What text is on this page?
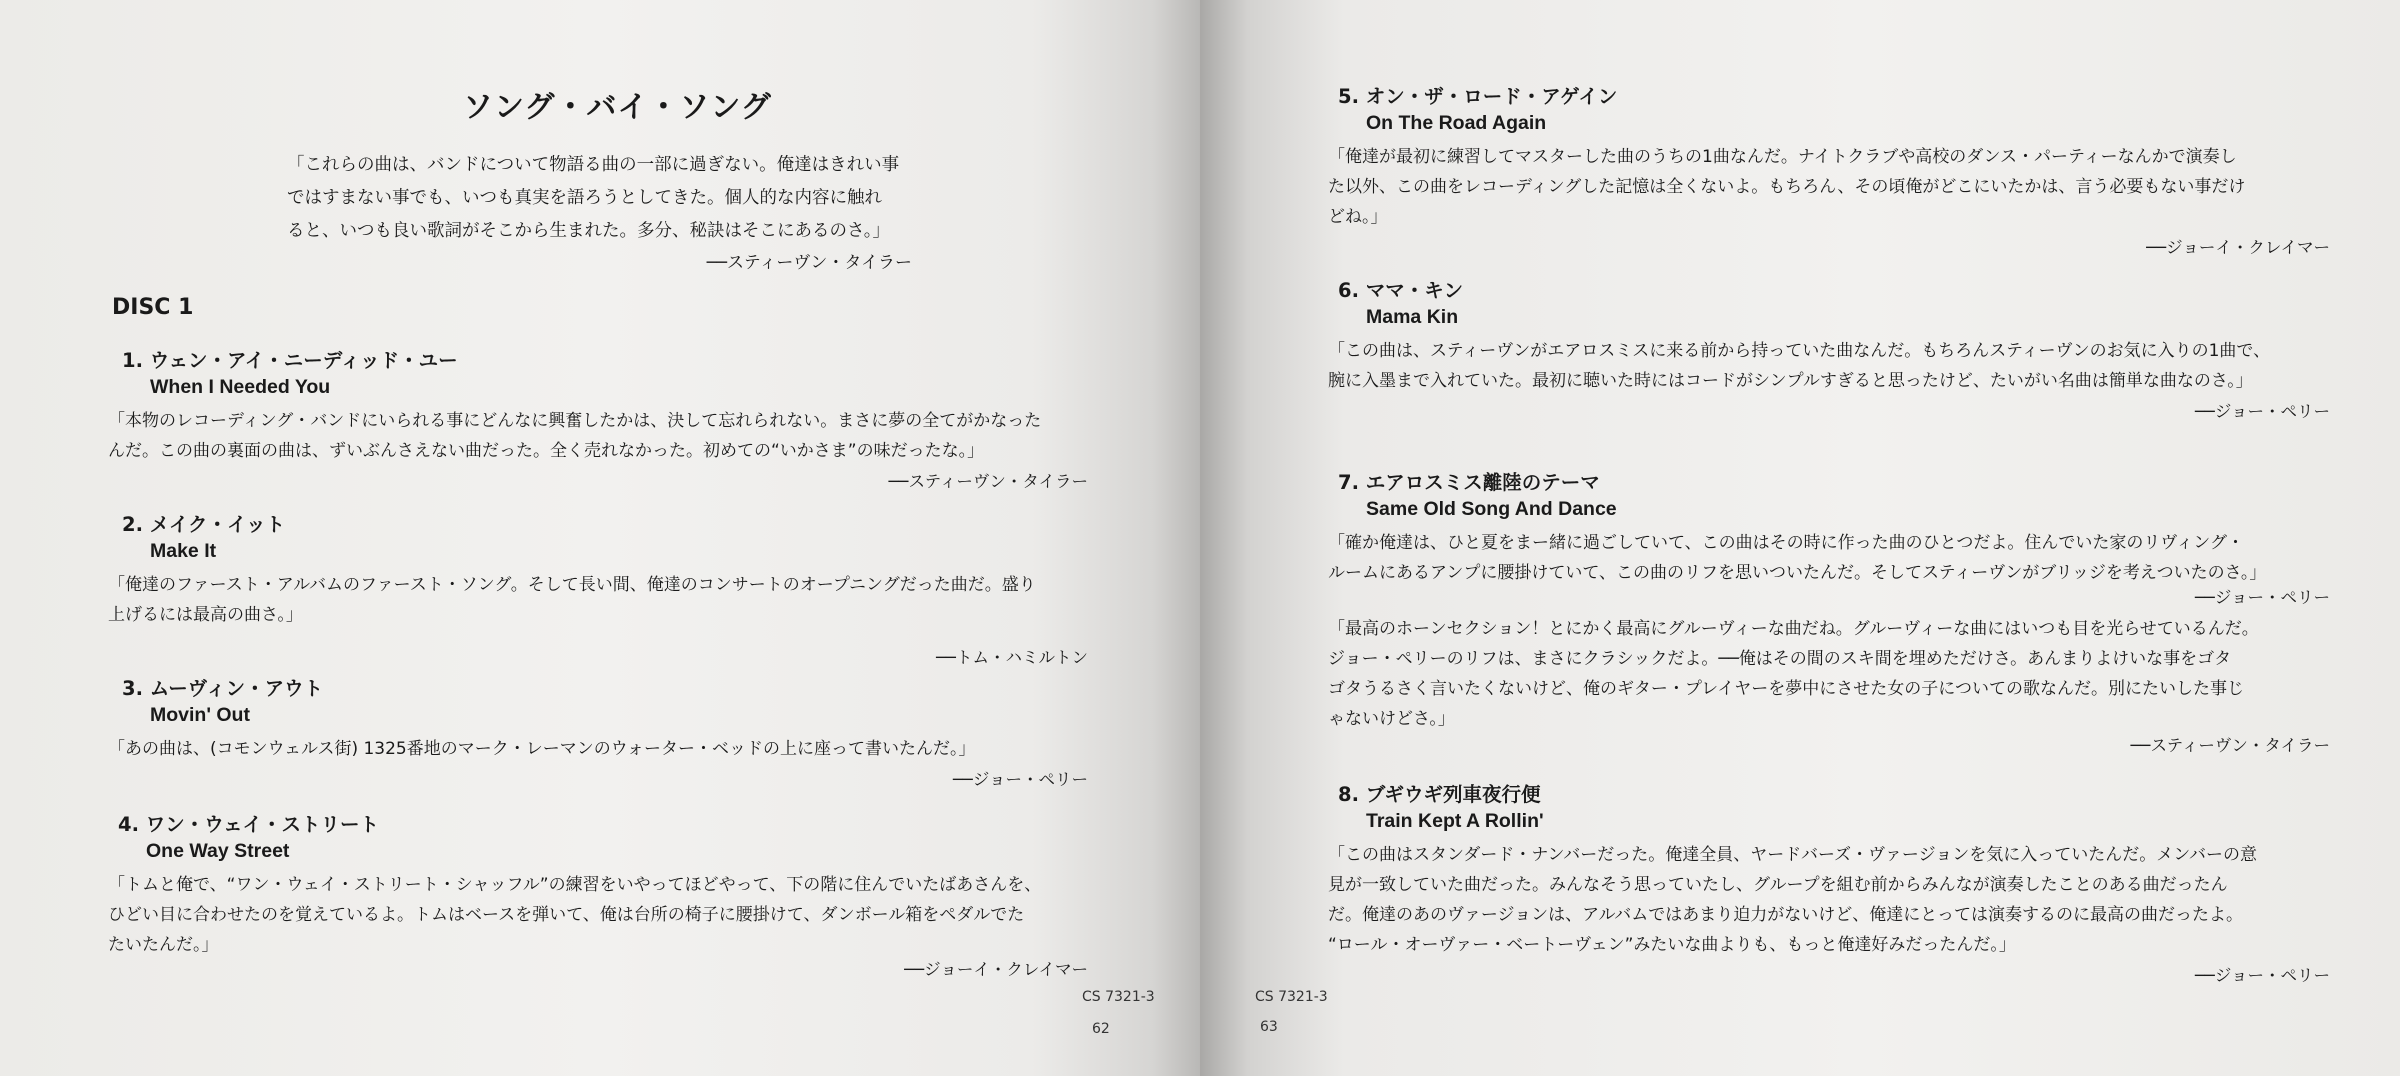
ソング・バイ・ソング

「これらの曲は、バンドについて物語る曲の一部に過ぎない。俺達はきれい事

ではすまない事でも、いつも真実を語ろうとしてきた。個人的な内容に触れ

ると、いつも良い歌詞がそこから生まれた。多分、秘訣はそこにあるのさ。」

──スティーヴン・タイラー

DISC 1
1. ウェン・アイ・ニーディッド・ユー
When I Needed You

「本物のレコーディング・バンドにいられる事にどんなに興奮したかは、決して忘れられない。まさに夢の全てがかなった
んだ。この曲の裏面の曲は、ずいぶんさえない曲だった。全く売れなかった。初めての“いかさま”の味だったな。」

──スティーヴン・タイラー

2. メイク・イット
Make It

「俺達のファースト・アルバムのファースト・ソング。そして長い間、俺達のコンサートのオープニングだった曲だ。盛り
上げるには最高の曲さ。」

──トム・ハミルトン

3. ムーヴィン・アウト
Movin' Out

「あの曲は、(コモンウェルス街) 1325番地のマーク・レーマンのウォーター・ベッドの上に座って書いたんだ。」

──ジョー・ペリー

4. ワン・ウェイ・ストリート
One Way Street

「トムと俺で、“ワン・ウェイ・ストリート・シャッフル”の練習をいやってほどやって、下の階に住んでいたばあさんを、
ひどい目に合わせたのを覚えているよ。トムはベースを弾いて、俺は台所の椅子に腰掛けて、ダンボール箱をペダルでた
たいたんだ。」

──ジョーイ・クレイマー

CS 7321-3
62
CS 7321-3
63
5. オン・ザ・ロード・アゲイン
On The Road Again

「俺達が最初に練習してマスターした曲のうちの1曲なんだ。ナイトクラブや高校のダンス・パーティーなんかで演奏し
た以外、この曲をレコーディングした記憶は全くないよ。もちろん、その頃俺がどこにいたかは、言う必要もない事だけ
どね。」

──ジョーイ・クレイマー

6. ママ・キン
Mama Kin

「この曲は、スティーヴンがエアロスミスに来る前から持っていた曲なんだ。もちろんスティーヴンのお気に入りの1曲で、
腕に入墨まで入れていた。最初に聴いた時にはコードがシンプルすぎると思ったけど、たいがい名曲は簡単な曲なのさ。」

──ジョー・ペリー

7. エアロスミス離陸のテーマ
Same Old Song And Dance

「確か俺達は、ひと夏をまー緒に過ごしていて、この曲はその時に作った曲のひとつだよ。住んでいた家のリヴィング・
ルームにあるアンプに腰掛けていて、この曲のリフを思いついたんだ。そしてスティーヴンがブリッジを考えついたのさ。」

──ジョー・ペリー

「最高のホーンセクション！とにかく最高にグルーヴィーな曲だね。グルーヴィーな曲にはいつも目を光らせているんだ。
ジョー・ペリーのリフは、まさにクラシックだよ。──俺はその間のスキ間を埋めただけさ。あんまりよけいな事をゴタ
ゴタうるさく言いたくないけど、俺のギター・プレイヤーを夢中にさせた女の子についての歌なんだ。別にたいした事じ
ゃないけどさ。」

──スティーヴン・タイラー

8. ブギウギ列車夜行便
Train Kept A Rollin'

「この曲はスタンダード・ナンバーだった。俺達全員、ヤードバーズ・ヴァージョンを気に入っていたんだ。メンバーの意
見が一致していた曲だった。みんなそう思っていたし、グループを組む前からみんなが演奏したことのある曲だったん
だ。俺達のあのヴァージョンは、アルバムではあまり迫力がないけど、俺達にとっては演奏するのに最高の曲だったよ。
“ロール・オーヴァー・ベートーヴェン”みたいな曲よりも、もっと俺達好みだったんだ。」

──ジョー・ペリー
